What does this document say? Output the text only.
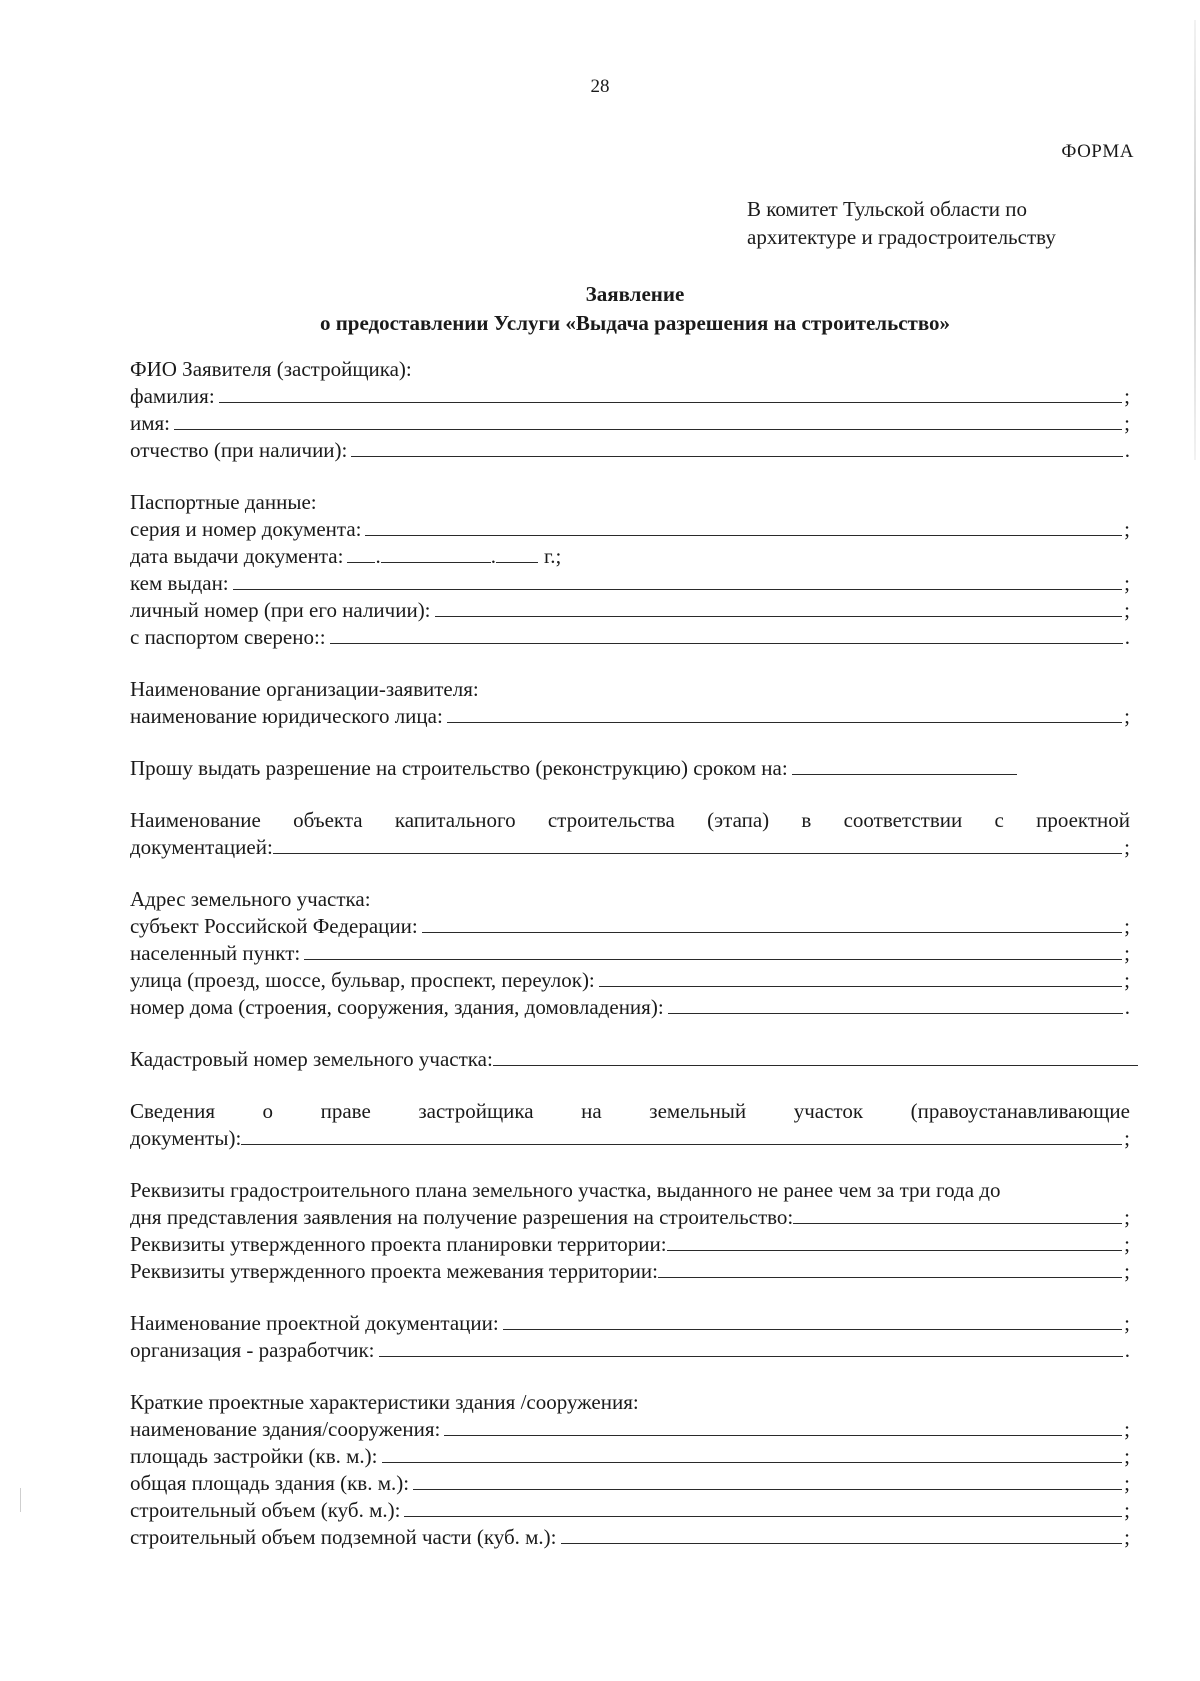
28
ФОРМА
В комитет Тульской области по
архитектуре и градостроительству
Заявление
о предоставлении Услуги «Выдача разрешения на строительство»
ФИО Заявителя (застройщика):
фамилия:	;
имя:	;
отчество (при наличии):	.
Паспортные данные:
серия и номер документа:	;
дата выдачи документа: .	. г.;
кем выдан:	;
личный номер (при его наличии):	;
с паспортом сверено::	.
Наименование организации-заявителя:
наименование юридического лица:	;
Прошу выдать разрешение на строительство (реконструкцию) сроком на:
Наименование объекта капитального строительства (этапа) в соответствии с проектной
документацией:	;
Адрес земельного участка:
субъект Российской Федерации:	;
населенный пункт:	;
улица (проезд, шоссе, бульвар, проспект, переулок):	;
номер дома (строения, сооружения, здания, домовладения):	.
Кадастровый номер земельного участка:
Сведения о праве застройщика на земельный участок (правоустанавливающие
документы):	;
Реквизиты градостроительного плана земельного участка, выданного не ранее чем за три года до
дня представления заявления на получение разрешения на строительство:	;
Реквизиты утвержденного проекта планировки территории:	;
Реквизиты утвержденного проекта межевания территории:	;
Наименование проектной документации:	;
организация - разработчик:	.
Краткие проектные характеристики здания /сооружения:
наименование здания/сооружения:	;
площадь застройки (кв. м.):	;
общая площадь здания (кв. м.):	;
строительный объем (куб. м.):	;
строительный объем подземной части (куб. м.):	;
